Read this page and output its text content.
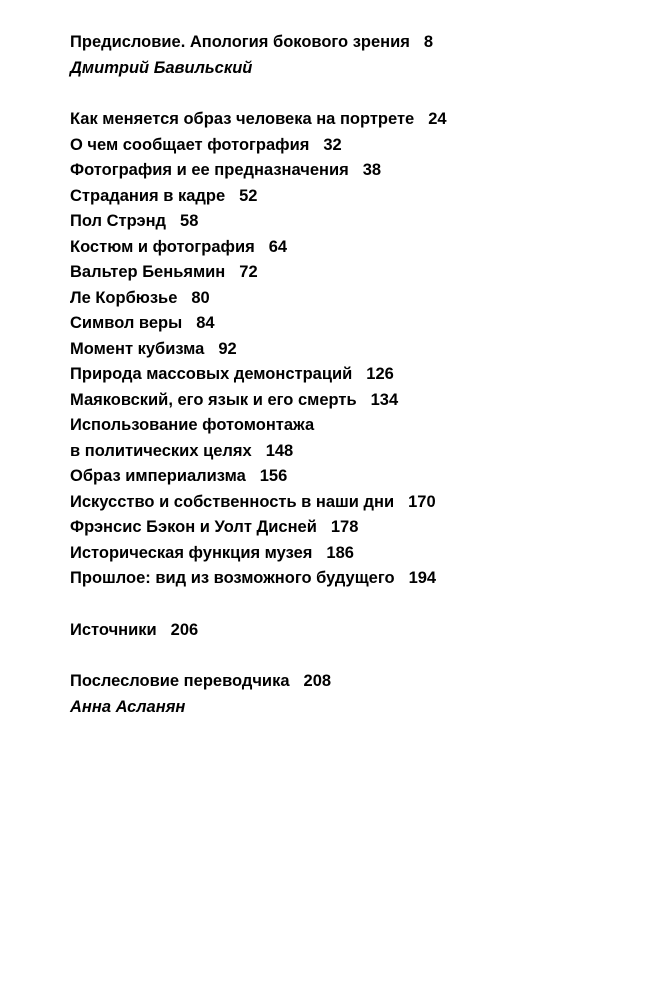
Предисловие. Апология бокового зрения 8
Дмитрий Бавильский
Как меняется образ человека на портрете 24
О чем сообщает фотография 32
Фотография и ее предназначения 38
Страдания в кадре 52
Пол Стрэнд 58
Костюм и фотография 64
Вальтер Беньямин 72
Ле Корбюзье 80
Символ веры 84
Момент кубизма 92
Природа массовых демонстраций 126
Маяковский, его язык и его смерть 134
Использование фотомонтажа
в политических целях 148
Образ империализма 156
Искусство и собственность в наши дни 170
Фрэнсис Бэкон и Уолт Дисней 178
Историческая функция музея 186
Прошлое: вид из возможного будущего 194
Источники 206
Послесловие переводчика 208
Анна Асланян
